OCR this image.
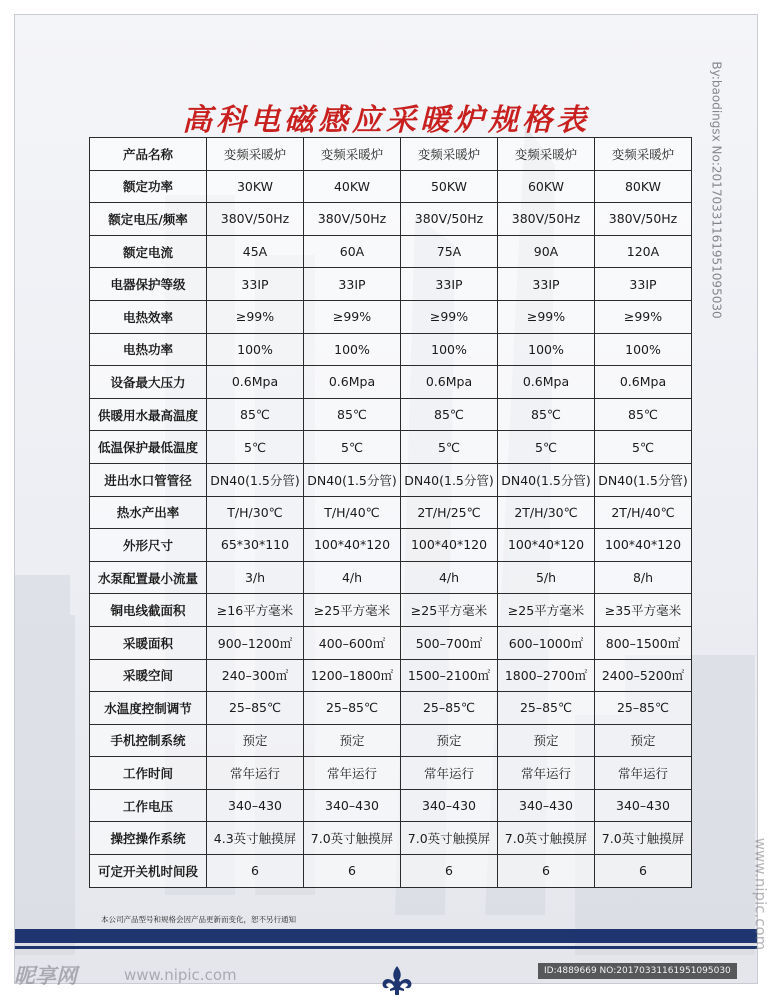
高科电磁感应采暖炉规格表
产品名称	变频采暖炉	变频采暖炉	变频采暖炉	变频采暖炉	变频采暖炉
额定功率	30KW	40KW	50KW	60KW	80KW
额定电压/频率	380V/50Hz	380V/50Hz	380V/50Hz	380V/50Hz	380V/50Hz
额定电流	45A	60A	75A	90A	120A
电器保护等级	33IP	33IP	33IP	33IP	33IP
电热效率	≥99%	≥99%	≥99%	≥99%	≥99%
电热功率	100%	100%	100%	100%	100%
设备最大压力	0.6Mpa	0.6Mpa	0.6Mpa	0.6Mpa	0.6Mpa
供暖用水最高温度	85℃	85℃	85℃	85℃	85℃
低温保护最低温度	5℃	5℃	5℃	5℃	5℃
进出水口管管径	DN40(1.5分管)	DN40(1.5分管)	DN40(1.5分管)	DN40(1.5分管)	DN40(1.5分管)
热水产出率	T/H/30℃	T/H/40℃	2T/H/25℃	2T/H/30℃	2T/H/40℃
外形尺寸	65*30*110	100*40*120	100*40*120	100*40*120	100*40*120
水泵配置最小流量	3/h	4/h	4/h	5/h	8/h
铜电线截面积	≥16平方毫米	≥25平方毫米	≥25平方毫米	≥25平方毫米	≥35平方毫米
采暖面积	900–1200㎡	400–600㎡	500–700㎡	600–1000㎡	800–1500㎡
采暖空间	240–300㎡	1200–1800㎡	1500–2100㎡	1800–2700㎡	2400–5200㎡
水温度控制调节	25–85℃	25–85℃	25–85℃	25–85℃	25–85℃
手机控制系统	预定	预定	预定	预定	预定
工作时间	常年运行	常年运行	常年运行	常年运行	常年运行
工作电压	340–430	340–430	340–430	340–430	340–430
操控操作系统	4.3英寸触摸屏	7.0英寸触摸屏	7.0英寸触摸屏	7.0英寸触摸屏	7.0英寸触摸屏
可定开关机时间段	6	6	6	6	6
本公司产品型号和规格会因产品更新而变化，恕不另行通知
By:baodingsx No:20170331161951095030
www.nipic.com
昵享网	www.nipic.com	ID:4889669 NO:20170331161951095030
